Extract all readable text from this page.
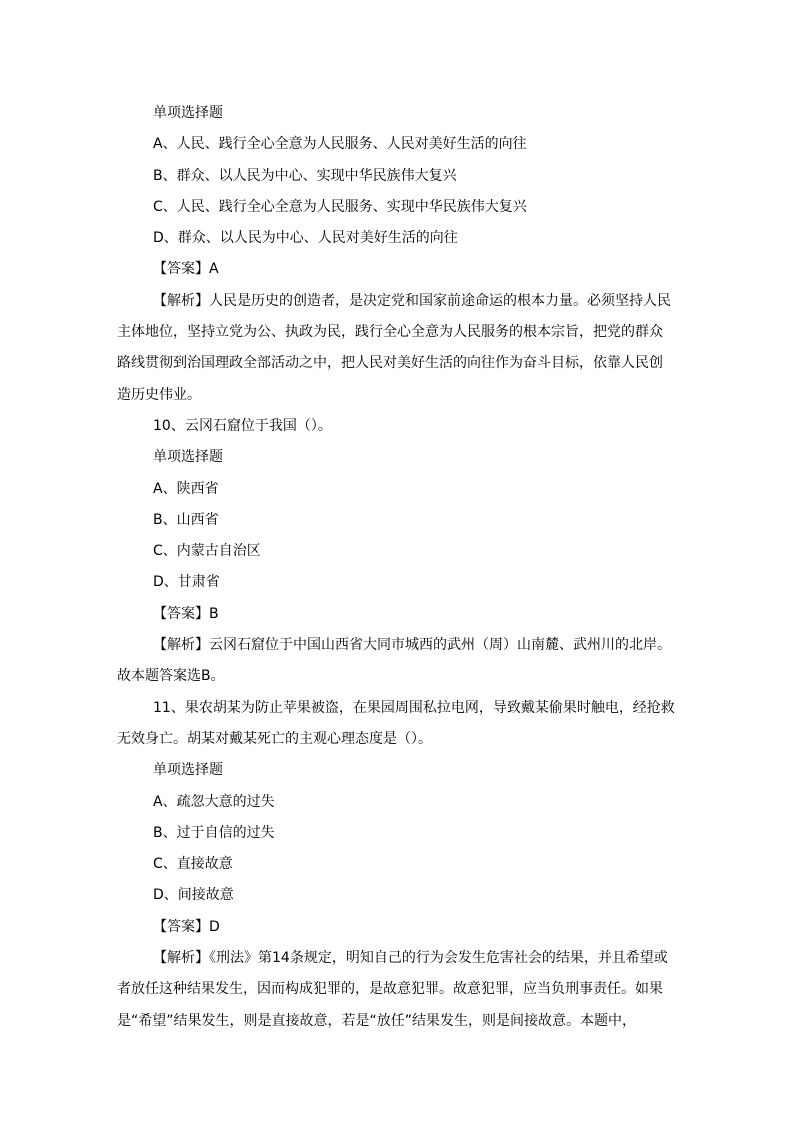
单项选择题
A、人民、践行全心全意为人民服务、人民对美好生活的向往
B、群众、以人民为中心、实现中华民族伟大复兴
C、人民、践行全心全意为人民服务、实现中华民族伟大复兴
D、群众、以人民为中心、人民对美好生活的向往
【答案】A
【解析】人民是历史的创造者，是决定党和国家前途命运的根本力量。必须坚持人民
主体地位，坚持立党为公、执政为民，践行全心全意为人民服务的根本宗旨，把党的群众
路线贯彻到治国理政全部活动之中，把人民对美好生活的向往作为奋斗目标，依靠人民创
造历史伟业。
10、云冈石窟位于我国（）。
单项选择题
A、陕西省
B、山西省
C、内蒙古自治区
D、甘肃省
【答案】B
【解析】云冈石窟位于中国山西省大同市城西的武州（周）山南麓、武州川的北岸。
故本题答案选B。
11、果农胡某为防止苹果被盗，在果园周围私拉电网，导致戴某偷果时触电，经抢救
无效身亡。胡某对戴某死亡的主观心理态度是（）。
单项选择题
A、疏忽大意的过失
B、过于自信的过失
C、直接故意
D、间接故意
【答案】D
【解析】《刑法》第14条规定，明知自己的行为会发生危害社会的结果，并且希望或
者放任这种结果发生，因而构成犯罪的，是故意犯罪。故意犯罪，应当负刑事责任。如果
是“希望”结果发生，则是直接故意，若是“放任”结果发生，则是间接故意。本题中，
